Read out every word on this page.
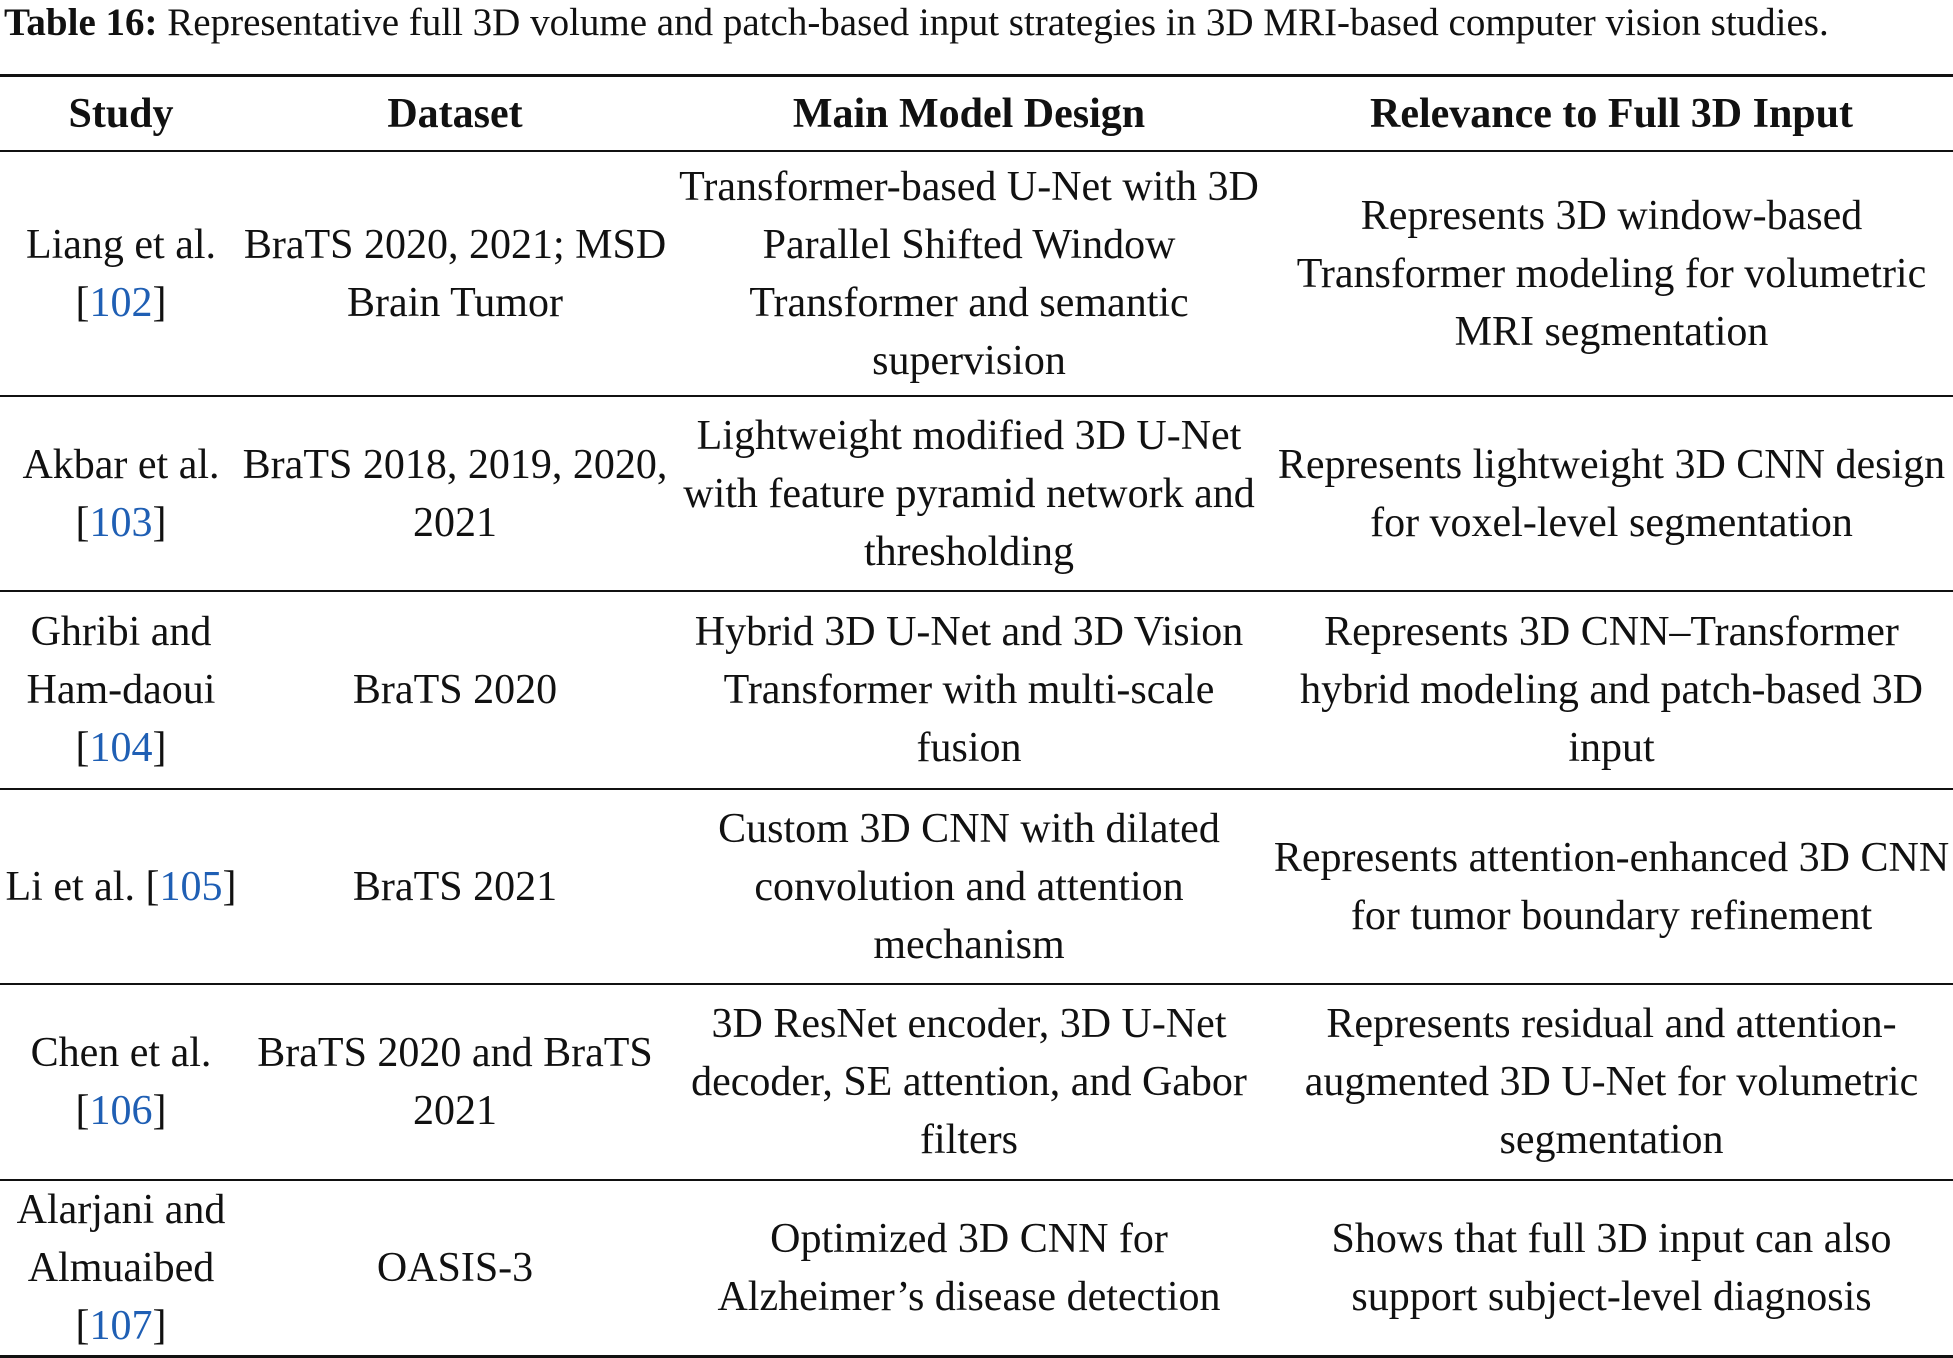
Table 16: Representative full 3D volume and patch-based input strategies in 3D MRI-based computer vision studies.
Study	Dataset	Main Model Design	Relevance to Full 3D Input
Liang et al. [102]	BraTS 2020, 2021; MSD Brain Tumor	Transformer-based U-Net with 3D Parallel Shifted Window Transformer and semantic supervision	Represents 3D window-based Transformer modeling for volumetric MRI segmentation
Akbar et al. [103]	BraTS 2018, 2019, 2020, 2021	Lightweight modified 3D U-Net with feature pyramid network and thresholding	Represents lightweight 3D CNN design for voxel-level segmentation
Ghribi and Ham-daoui [104]	BraTS 2020	Hybrid 3D U-Net and 3D Vision Transformer with multi-scale fusion	Represents 3D CNN–Transformer hybrid modeling and patch-based 3D input
Li et al. [105]	BraTS 2021	Custom 3D CNN with dilated convolution and attention mechanism	Represents attention-enhanced 3D CNN for tumor boundary refinement
Chen et al. [106]	BraTS 2020 and BraTS 2021	3D ResNet encoder, 3D U-Net decoder, SE attention, and Gabor filters	Represents residual and attention-augmented 3D U-Net for volumetric segmentation
Alarjani and Almuaibed [107]	OASIS-3	Optimized 3D CNN for Alzheimer’s disease detection	Shows that full 3D input can also support subject-level diagnosis
